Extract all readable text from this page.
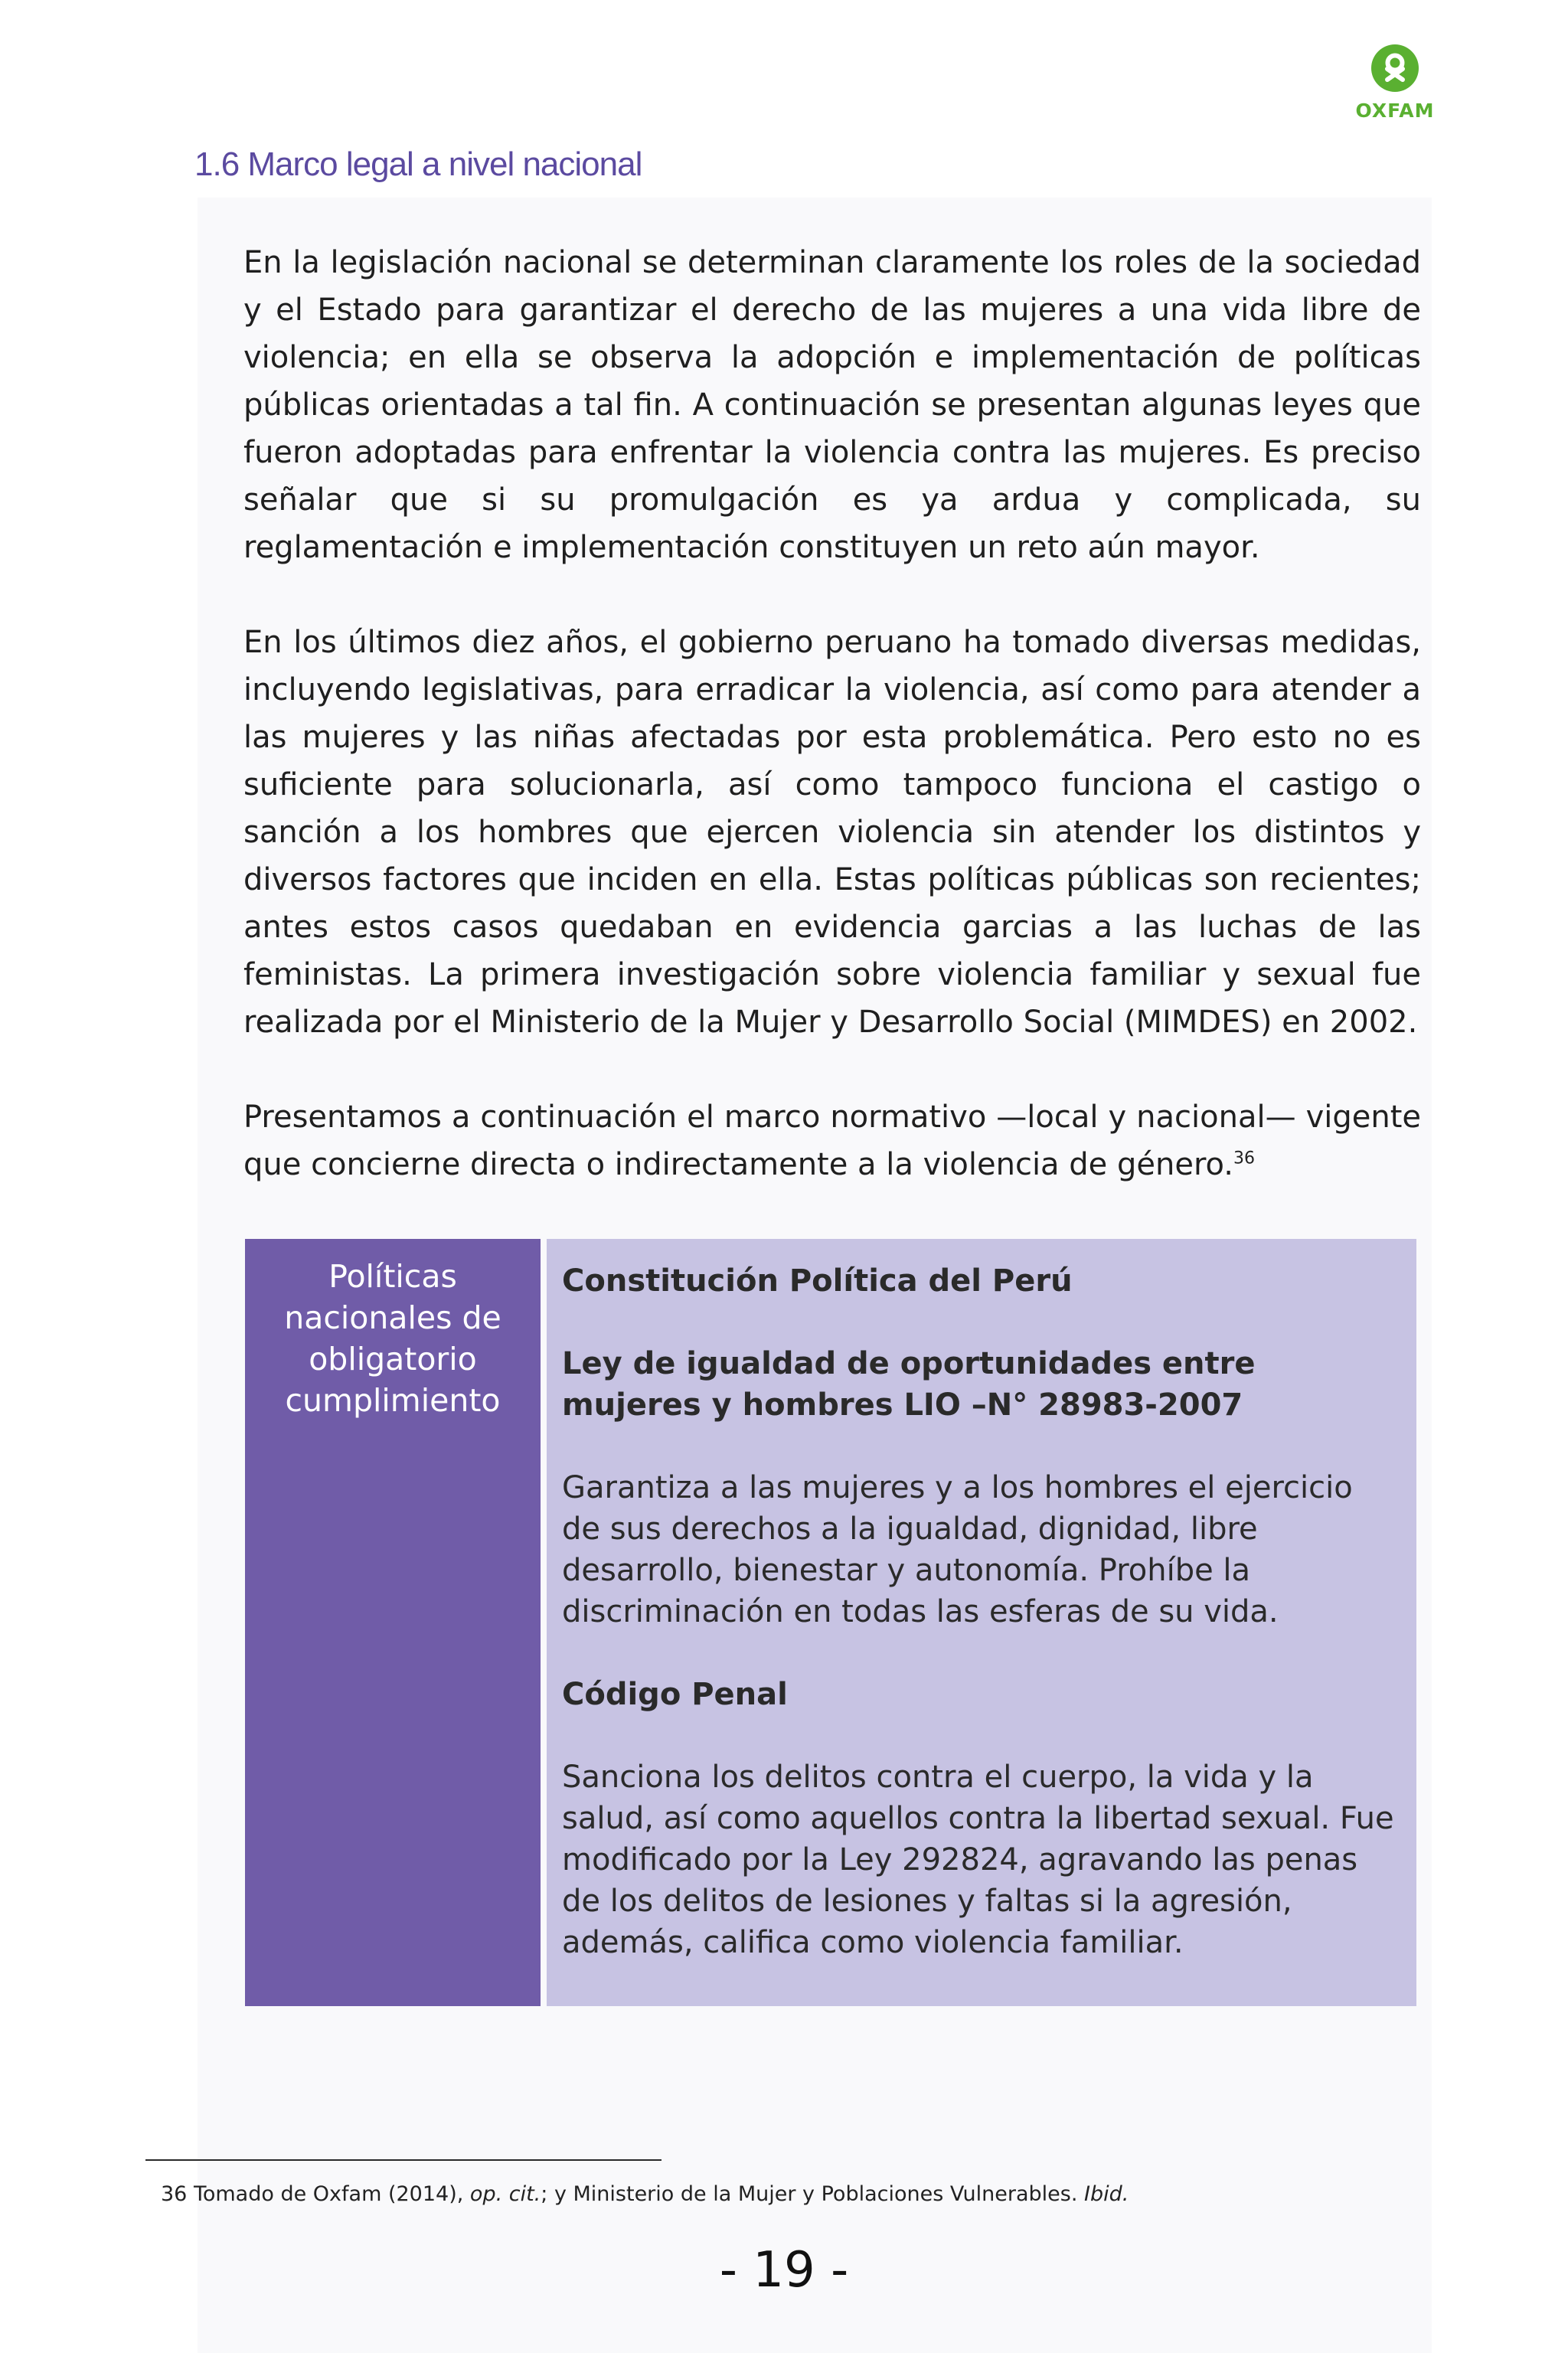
OXFAM
1.6 Marco legal a nivel nacional

En la legislación nacional se determinan claramente los roles de la sociedad y el Estado para garantizar el derecho de las mujeres a una vida libre de violencia; en ella se observa la adopción e implementación de políticas públicas orientadas a tal fin. A continuación se presentan algunas leyes que fueron adoptadas para enfrentar la violencia contra las mujeres. Es preciso señalar que si su promulgación es ya ardua y complicada, su reglamentación e implementación constituyen un reto aún mayor.

En los últimos diez años, el gobierno peruano ha tomado diversas medidas, incluyendo legislativas, para erradicar la violencia, así como para atender a las mujeres y las niñas afectadas por esta problemática. Pero esto no es suficiente para solucionarla, así como tampoco funciona el castigo o sanción a los hombres que ejercen violencia sin atender los distintos y diversos factores que inciden en ella. Estas políticas públicas son recientes; antes estos casos quedaban en evidencia garcias a las luchas de las feministas. La primera investigación sobre violencia familiar y sexual fue realizada por el Ministerio de la Mujer y Desarrollo Social (MIMDES) en 2002.

Presentamos a continuación el marco normativo —local y nacional— vigente que concierne directa o indirectamente a la violencia de género.$^{36}$

Políticas nacionales de obligatorio cumplimiento

Constitución Política del Perú

Ley de igualdad de oportunidades entre mujeres y hombres LIO –N° 28983-2007

Garantiza a las mujeres y a los hombres el ejercicio de sus derechos a la igualdad, dignidad, libre desarrollo, bienestar y autonomía. Prohíbe la discriminación en todas las esferas de su vida.

Código Penal

Sanciona los delitos contra el cuerpo, la vida y la salud, así como aquellos contra la libertad sexual. Fue modificado por la Ley 292824, agravando las penas de los delitos de lesiones y faltas si la agresión, además, califica como violencia familiar.

36 Tomado de Oxfam (2014), op. cit.; y Ministerio de la Mujer y Poblaciones Vulnerables. Ibid.

- 19 -
